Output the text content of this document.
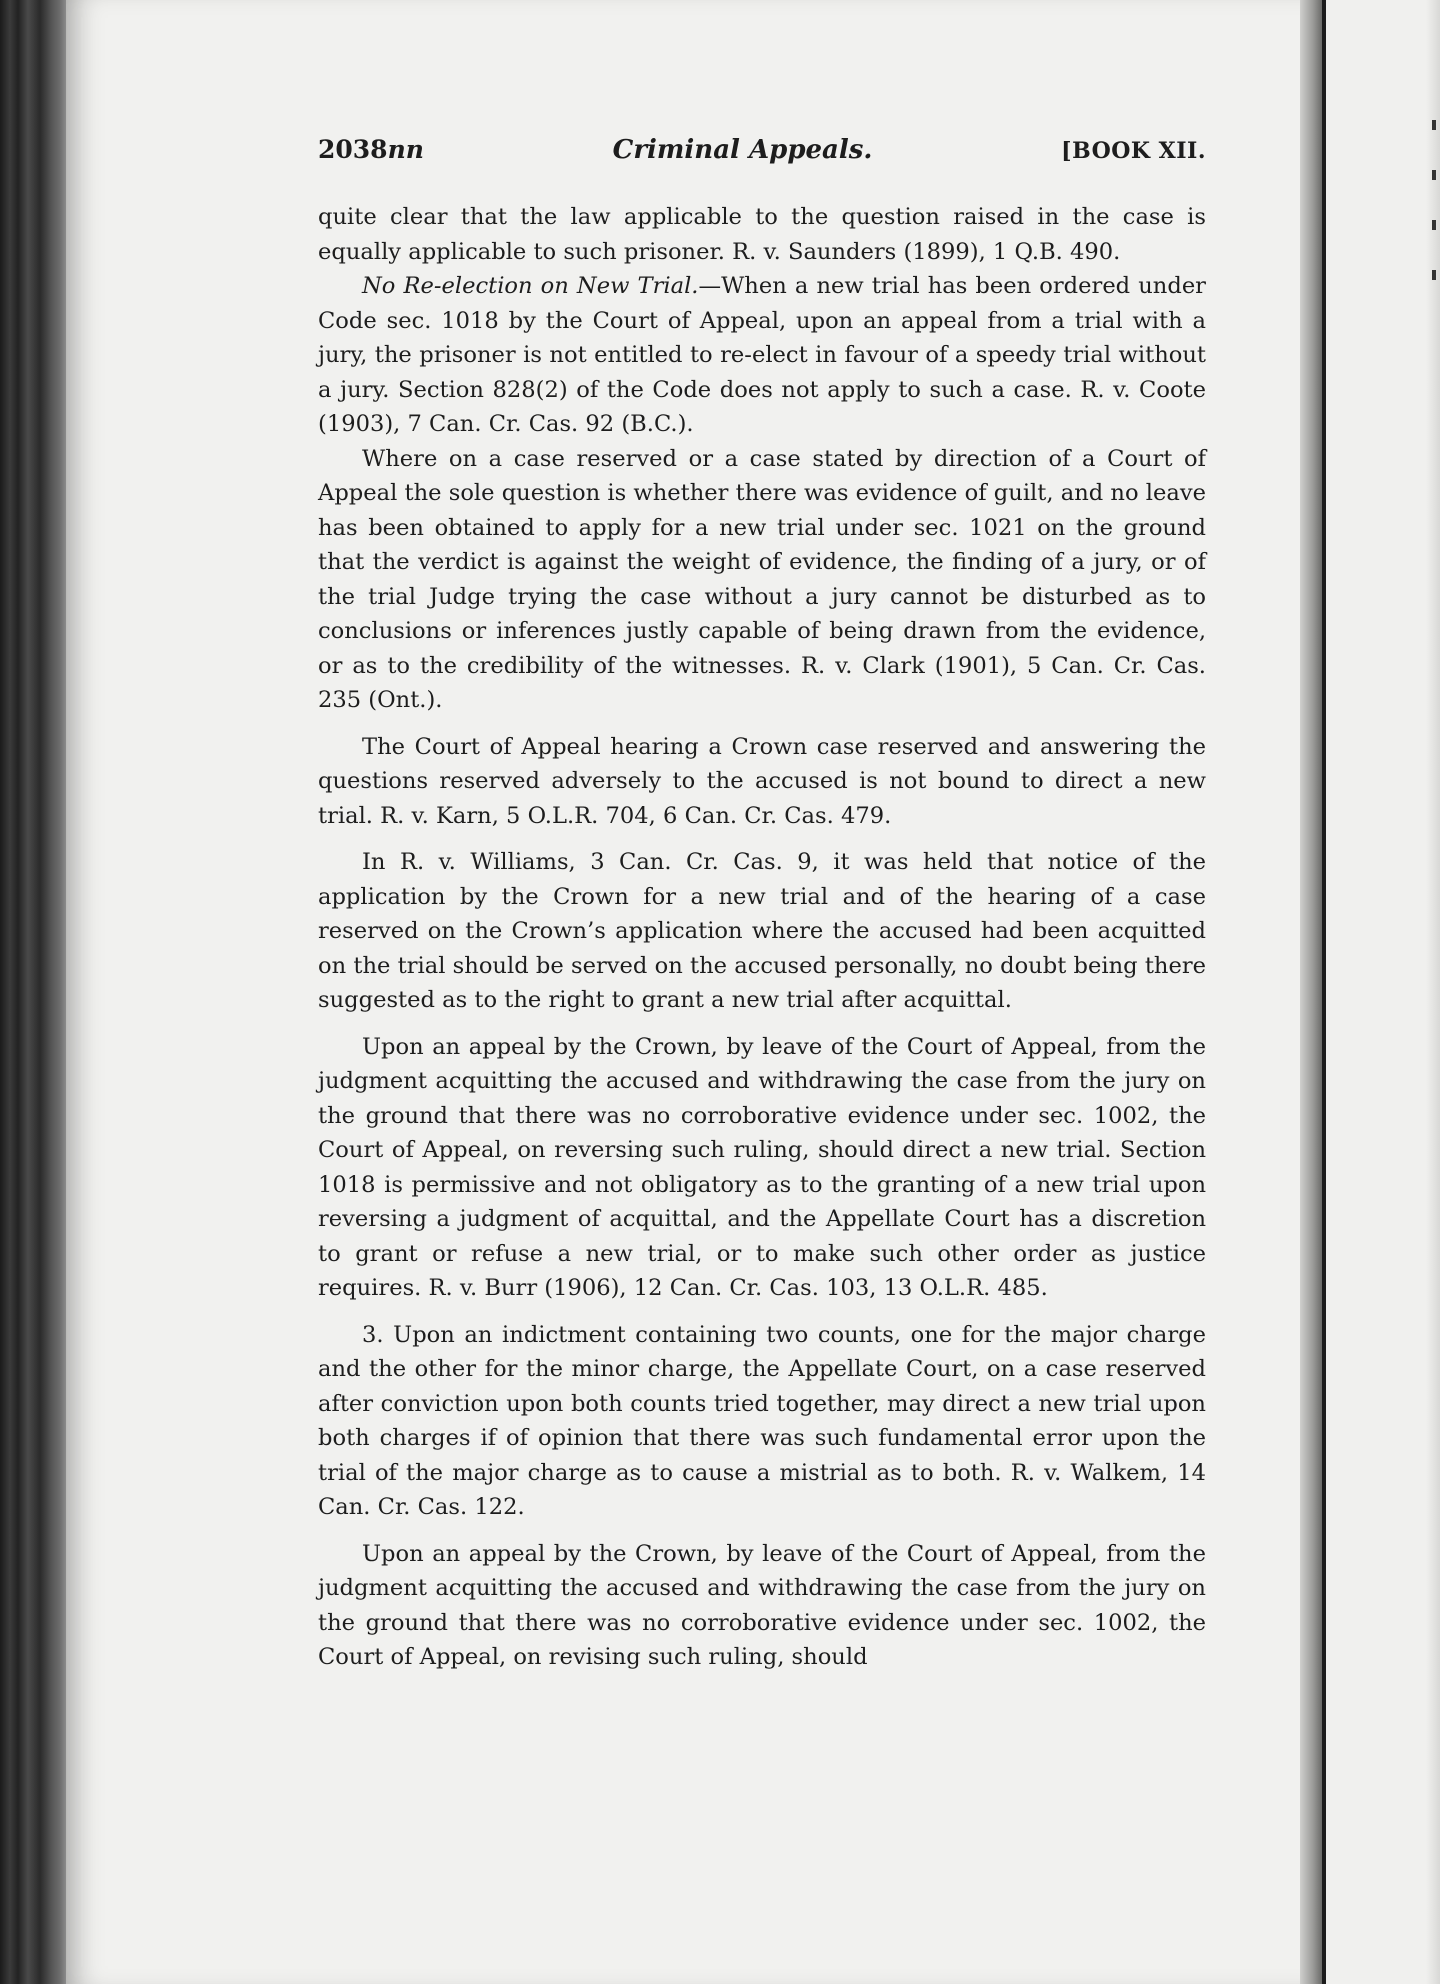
2038nn	Criminal Appeals.	[BOOK XII.

quite clear that the law applicable to the question raised in the case is equally applicable to such prisoner. R. v. Saunders (1899), 1 Q.B. 490.

No Re-election on New Trial.—When a new trial has been ordered under Code sec. 1018 by the Court of Appeal, upon an appeal from a trial with a jury, the prisoner is not entitled to re-elect in favour of a speedy trial without a jury. Section 828(2) of the Code does not apply to such a case. R. v. Coote (1903), 7 Can. Cr. Cas. 92 (B.C.).

Where on a case reserved or a case stated by direction of a Court of Appeal the sole question is whether there was evidence of guilt, and no leave has been obtained to apply for a new trial under sec. 1021 on the ground that the verdict is against the weight of evidence, the finding of a jury, or of the trial Judge trying the case without a jury cannot be disturbed as to conclusions or inferences justly capable of being drawn from the evidence, or as to the credibility of the witnesses. R. v. Clark (1901), 5 Can. Cr. Cas. 235 (Ont.).

The Court of Appeal hearing a Crown case reserved and answering the questions reserved adversely to the accused is not bound to direct a new trial. R. v. Karn, 5 O.L.R. 704, 6 Can. Cr. Cas. 479.

In R. v. Williams, 3 Can. Cr. Cas. 9, it was held that notice of the application by the Crown for a new trial and of the hearing of a case reserved on the Crown’s application where the accused had been acquitted on the trial should be served on the accused personally, no doubt being there suggested as to the right to grant a new trial after acquittal.

Upon an appeal by the Crown, by leave of the Court of Appeal, from the judgment acquitting the accused and withdrawing the case from the jury on the ground that there was no corroborative evidence under sec. 1002, the Court of Appeal, on reversing such ruling, should direct a new trial. Section 1018 is permissive and not obligatory as to the granting of a new trial upon reversing a judgment of acquittal, and the Appellate Court has a discretion to grant or refuse a new trial, or to make such other order as justice requires. R. v. Burr (1906), 12 Can. Cr. Cas. 103, 13 O.L.R. 485.

3. Upon an indictment containing two counts, one for the major charge and the other for the minor charge, the Appellate Court, on a case reserved after conviction upon both counts tried together, may direct a new trial upon both charges if of opinion that there was such fundamental error upon the trial of the major charge as to cause a mistrial as to both. R. v. Walkem, 14 Can. Cr. Cas. 122.

Upon an appeal by the Crown, by leave of the Court of Appeal, from the judgment acquitting the accused and withdrawing the case from the jury on the ground that there was no corroborative evidence under sec. 1002, the Court of Appeal, on revising such ruling, should
